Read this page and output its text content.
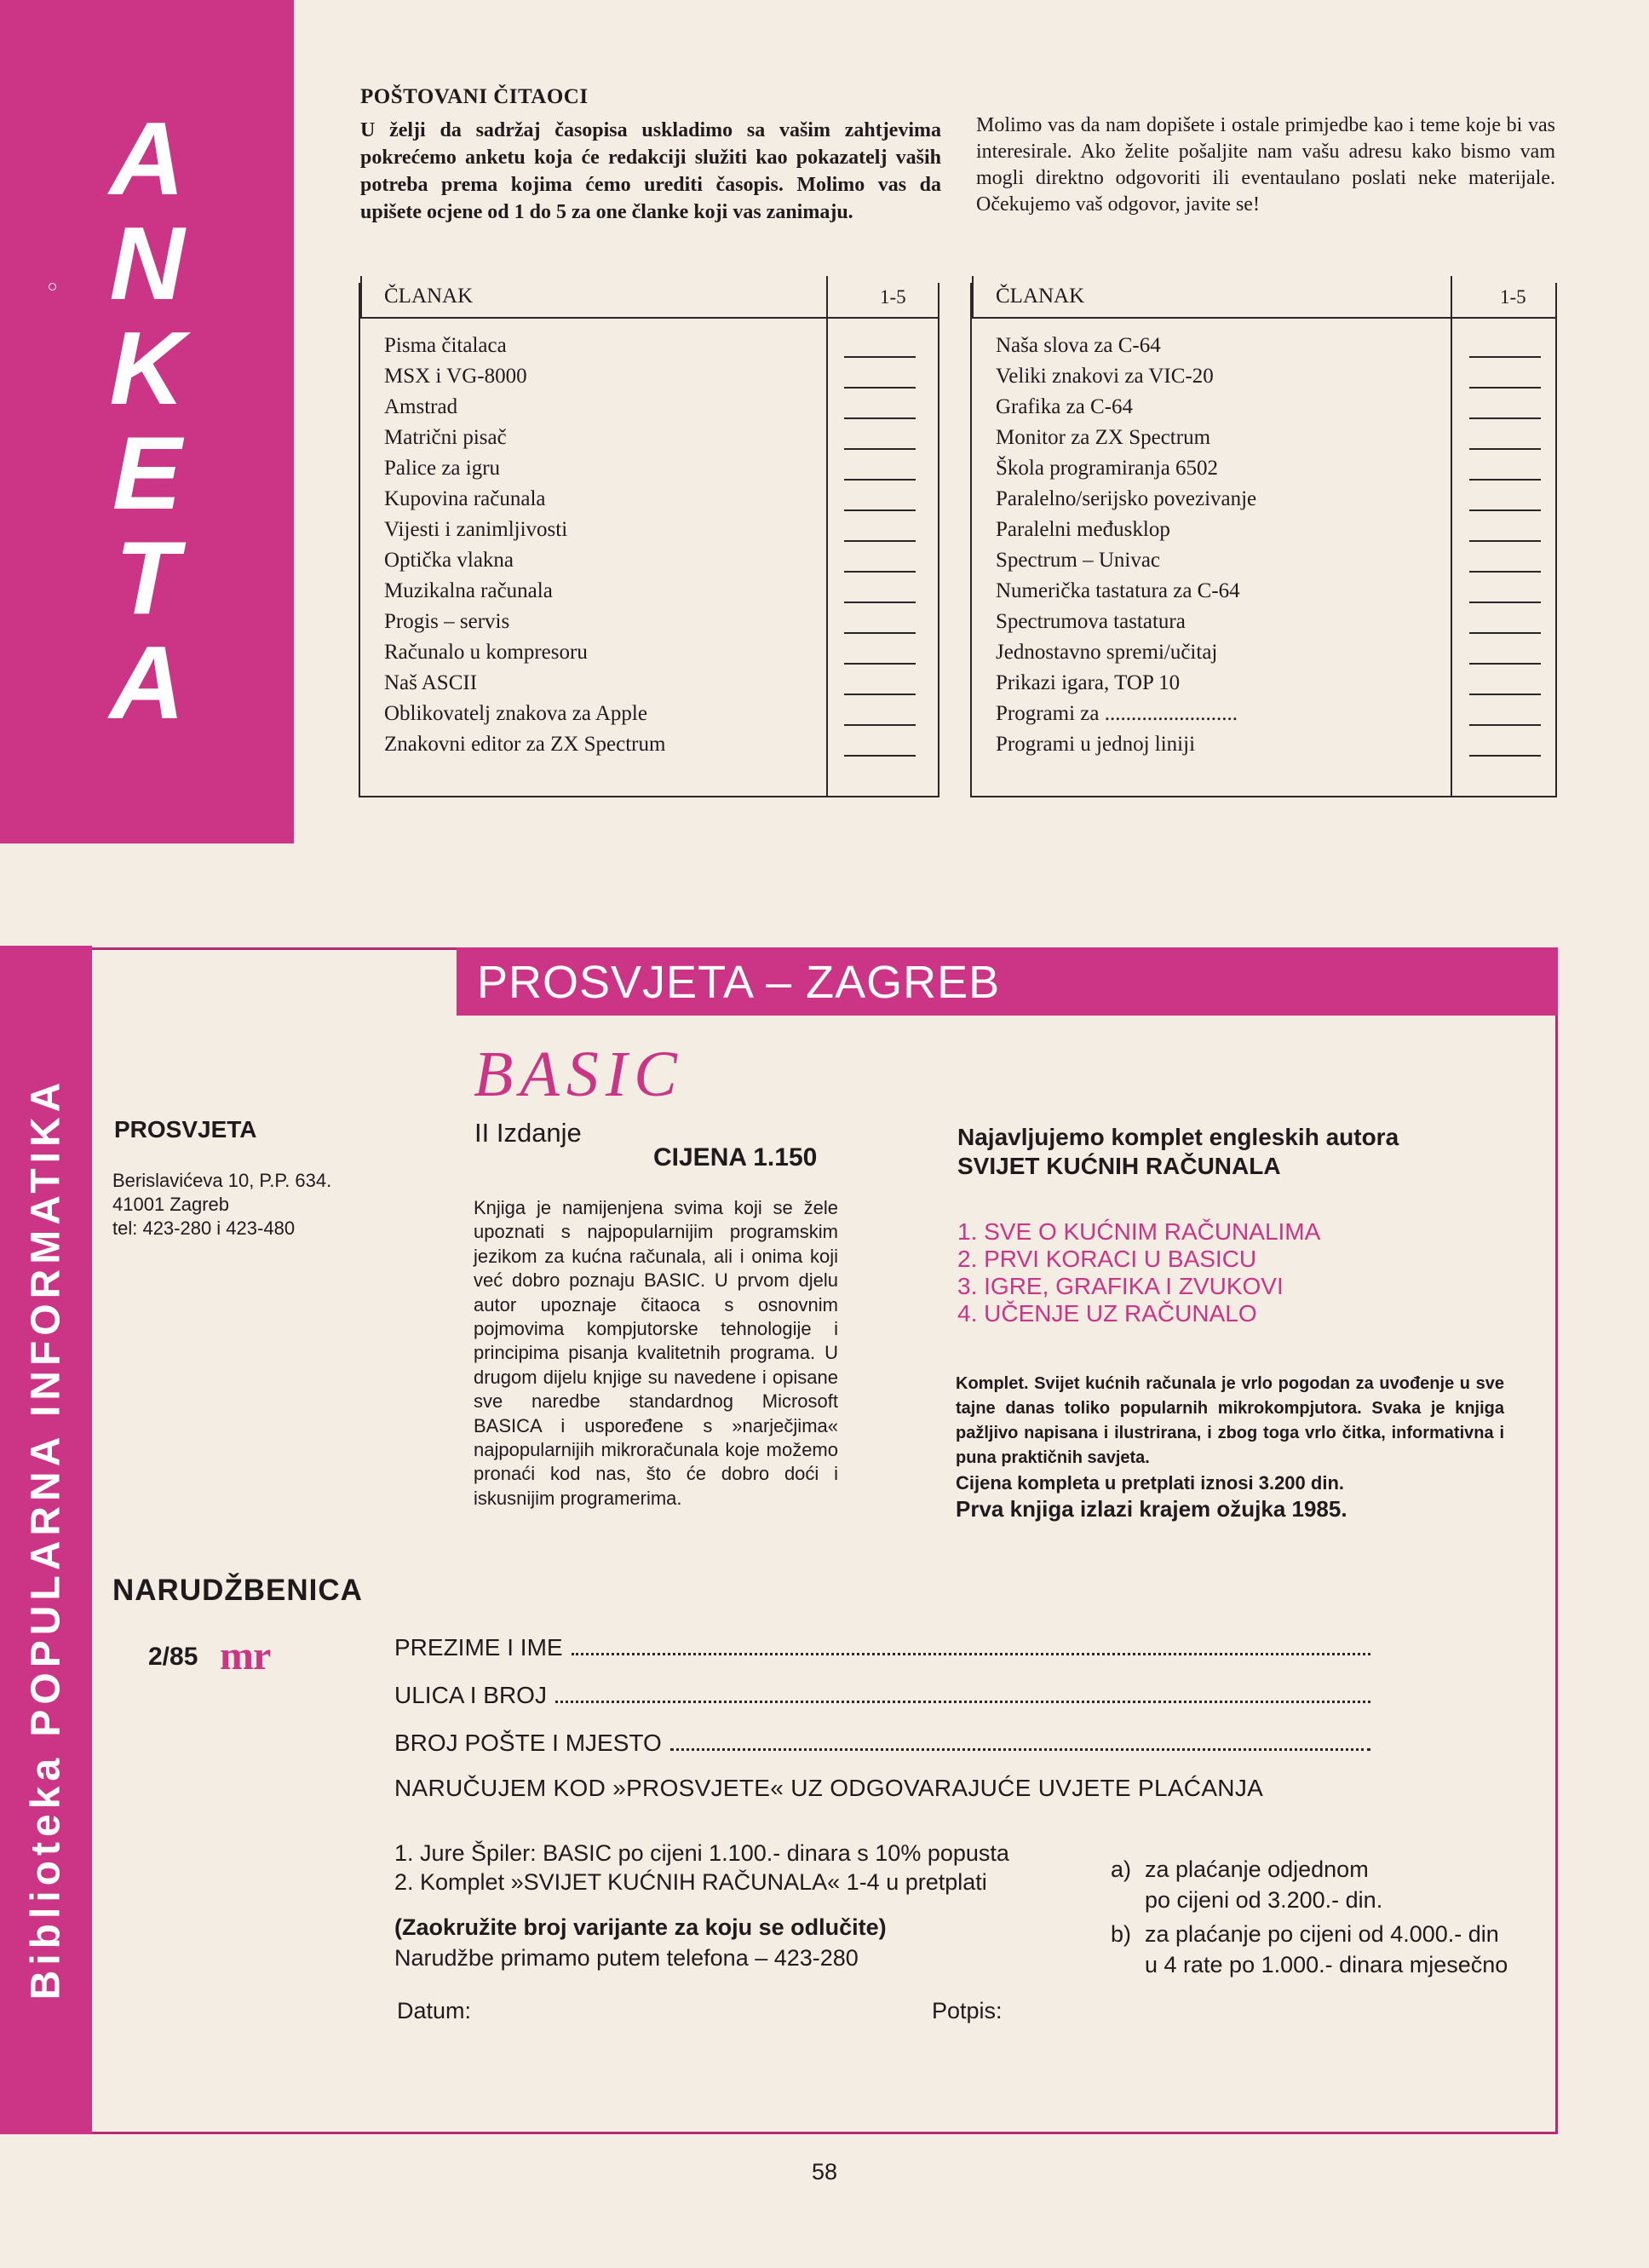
A
N
K
E
T
A
POŠTOVANI ČITAOCI
U želji da sadržaj časopisa uskladimo sa vašim zahtjevima pokrećemo anketu koja će redakciji služiti kao pokazatelj vaših potreba prema kojima ćemo urediti časopis. Molimo vas da upišete ocjene od 1 do 5 za one članke koji vas zanimaju.
Molimo vas da nam dopišete i ostale primjedbe kao i teme koje bi vas interesirale. Ako želite pošaljite nam vašu adresu kako bismo vam mogli direktno odgovoriti ili eventaulano poslati neke materijale. Očekujemo vaš odgovor, javite se!
ČLANAK	1-5
Pisma čitalaca
MSX i VG-8000
Amstrad
Matrični pisač
Palice za igru
Kupovina računala
Vijesti i zanimljivosti
Optička vlakna
Muzikalna računala
Progis – servis
Računalo u kompresoru
Naš ASCII
Oblikovatelj znakova za Apple
Znakovni editor za ZX Spectrum
ČLANAK	1-5
Naša slova za C-64
Veliki znakovi za VIC-20
Grafika za C-64
Monitor za ZX Spectrum
Škola programiranja 6502
Paralelno/serijsko povezivanje
Paralelni međusklop
Spectrum – Univac
Numerička tastatura za C-64
Spectrumova tastatura
Jednostavno spremi/učitaj
Prikazi igara, TOP 10
Programi za .........................
Programi u jednoj liniji
Biblioteka POPULARNA INFORMATIKA
PROSVJETA – ZAGREB
PROSVJETA
Berislavićeva 10, P.P. 634.
41001 Zagreb
tel: 423-280 i 423-480
BASIC
II Izdanje
CIJENA 1.150
Knjiga je namijenjena svima koji se žele upoznati s najpopularnijim programskim jezikom za kućna računala, ali i onima koji već dobro poznaju BASIC. U prvom djelu autor upoznaje čitaoca s osnovnim pojmovima kompjutorske tehnologije i principima pisanja kvalitetnih programa. U drugom dijelu knjige su navedene i opisane sve naredbe standardnog Microsoft BASICA i uspoređene s »narječjima« najpopularnijih mikroračunala koje možemo pronaći kod nas, što će dobro doći i iskusnijim programerima.
Najavljujemo komplet engleskih autora
SVIJET KUĆNIH RAČUNALA
1. SVE O KUĆNIM RAČUNALIMA
2. PRVI KORACI U BASICU
3. IGRE, GRAFIKA I ZVUKOVI
4. UČENJE UZ RAČUNALO
Komplet. Svijet kućnih računala je vrlo pogodan za uvođenje u sve tajne danas toliko popularnih mikrokompjutora. Svaka je knjiga pažljivo napisana i ilustrirana, i zbog toga vrlo čitka, informativna i puna praktičnih savjeta.
Cijena kompleta u pretplati iznosi 3.200 din.
Prva knjiga izlazi krajem ožujka 1985.
NARUDŽBENICA
2/85 mr	PREZIME I IME
ULICA I BROJ
BROJ POŠTE I MJESTO
NARUČUJEM KOD »PROSVJETE« UZ ODGOVARAJUĆE UVJETE PLAĆANJA
1. Jure Špiler: BASIC po cijeni 1.100.- dinara s 10% popusta
2. Komplet »SVIJET KUĆNIH RAČUNALA« 1-4 u pretplati
(Zaokružite broj varijante za koju se odlučite)
Narudžbe primamo putem telefona – 423-280
a) za plaćanje odjednom
po cijeni od 3.200.- din.
b) za plaćanje po cijeni od 4.000.- din
u 4 rate po 1.000.- dinara mjesečno
Datum:	Potpis:
58
